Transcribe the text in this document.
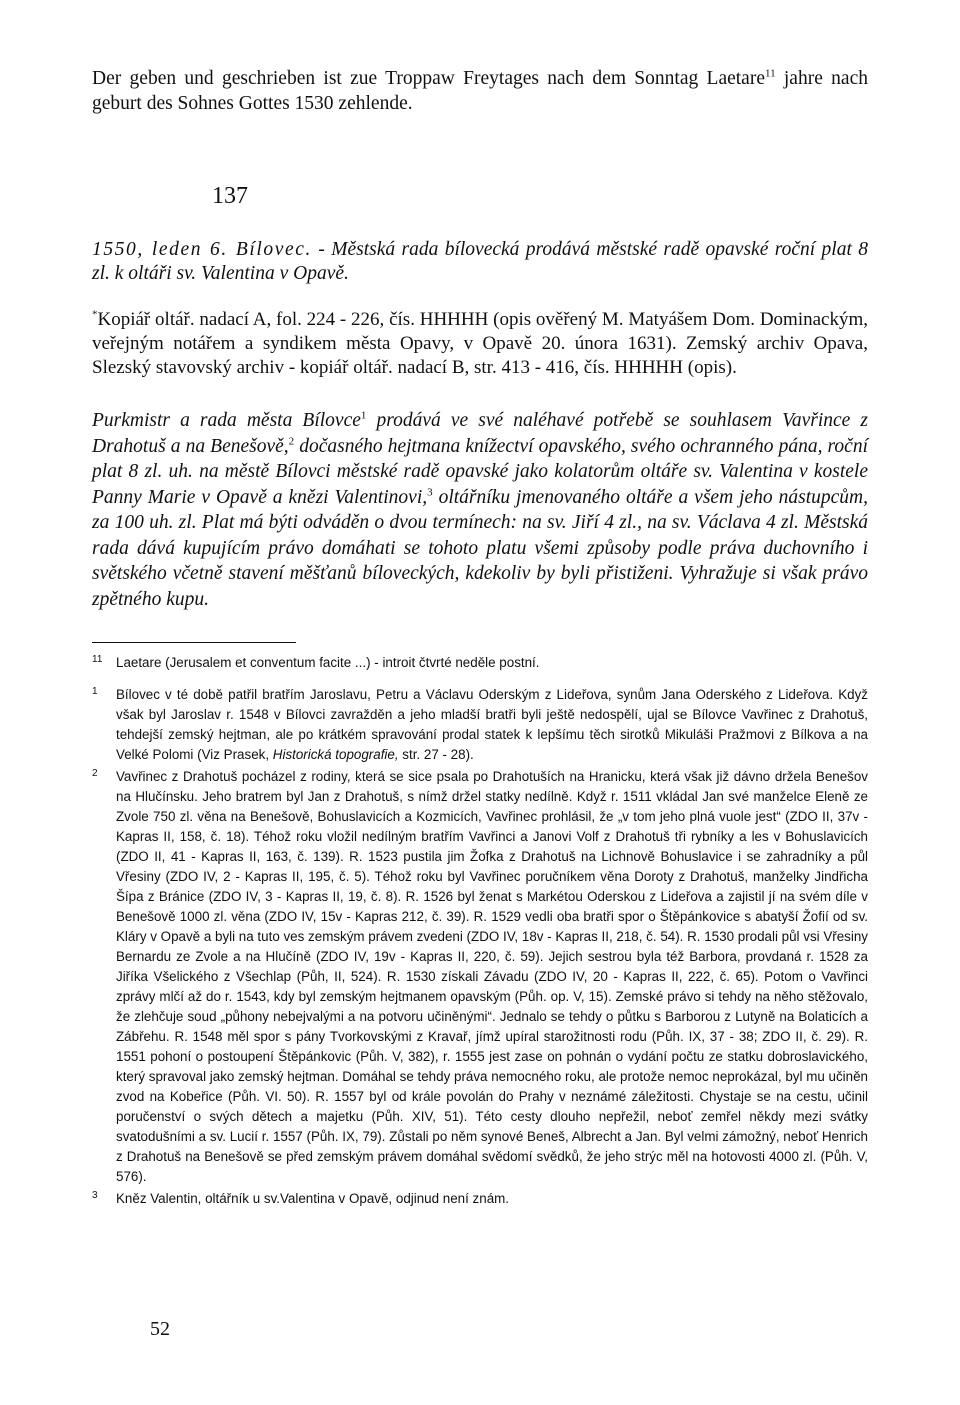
Der geben und geschrieben ist zue Troppaw Freytages nach dem Sonntag Laetare$^{11}$ jahre nach geburt des Sohnes Gottes 1530 zehlende.

137

1550, leden 6. Bílovec. - Městská rada bílovecká prodává městské radě opavské roční plat 8 zl. k oltáři sv. Valentina v Opavě.

*Kopiář oltář. nadací A, fol. 224 - 226, čís. HHHHH (opis ověřený M. Matyášem Dom. Dominackým, veřejným notářem a syndikem města Opavy, v Opavě 20. února 1631). Zemský archiv Opava, Slezský stavovský archiv - kopiář oltář. nadací B, str. 413 - 416, čís. HHHHH (opis).

Purkmistr a rada města Bílovce$^1$ prodává ve své naléhavé potřebě se souhlasem Vavřince z Drahotuš a na Benešově,$^2$ dočasného hejtmana knížectví opavského, svého ochranného pána, roční plat 8 zl. uh. na městě Bílovci městské radě opavské jako kolatorům oltáře sv. Valentina v kostele Panny Marie v Opavě a knězi Valentinovi,$^3$ oltářníku jmenovaného oltáře a všem jeho nástupcům, za 100 uh. zl. Plat má býti odváděn o dvou termínech: na sv. Jiří 4 zl., na sv. Václava 4 zl. Městská rada dává kupujícím právo domáhati se tohoto platu všemi způsoby podle práva duchovního i světského včetně stavení měšťanů bíloveckých, kdekoliv by byli přistiženi. Vyhražuje si však právo zpětného kupu.

11 Laetare (Jerusalem et conventum facite ...) - introit čtvrté neděle postní.
1 Bílovec v té době patřil bratřím Jaroslavu, Petru a Václavu Oderským z Lideřova, synům Jana Oderského z Lideřova. Když však byl Jaroslav r. 1548 v Bílovci zavražděn a jeho mladší bratři byli ještě nedospělí, ujal se Bílovce Vavřinec z Drahotuš, tehdejší zemský hejtman, ale po krátkém spravování prodal statek k lepšímu těch sirotků Mikuláši Pražmovi z Bílkova a na Velké Polomi (Viz Prasek, Historická topografie, str. 27 - 28).
2 Vavřinec z Drahotuš pocházel z rodiny, která se sice psala po Drahotuších na Hranicku, která však již dávno držela Benešov na Hlučínsku. Jeho bratrem byl Jan z Drahotuš, s nímž držel statky nedílně. Když r. 1511 vkládal Jan své manželce Eleně ze Zvole 750 zl. věna na Benešově, Bohuslavicích a Kozmicích, Vavřinec prohlásil, že „v tom jeho plná vuole jest“ (ZDO II, 37v - Kapras II, 158, č. 18). Téhož roku vložil nedílným bratřím Vavřinci a Janovi Volf z Drahotuš tři rybníky a les v Bohuslavicích (ZDO II, 41 - Kapras II, 163, č. 139). R. 1523 pustila jim Žofka z Drahotuš na Lichnově Bohuslavice i se zahradníky a půl Vřesiny (ZDO IV, 2 - Kapras II, 195, č. 5). Téhož roku byl Vavřinec poručníkem věna Doroty z Drahotuš, manželky Jindřicha Šípa z Bránice (ZDO IV, 3 - Kapras II, 19, č. 8). R. 1526 byl ženat s Markétou Oderskou z Lideřova a zajistil jí na svém díle v Benešově 1000 zl. věna (ZDO IV, 15v - Kapras 212, č. 39). R. 1529 vedli oba bratři spor o Štěpánkovice s abatyší Žofií od sv. Kláry v Opavě a byli na tuto ves zemským právem zvedeni (ZDO IV, 18v - Kapras II, 218, č. 54). R. 1530 prodali půl vsi Vřesiny Bernardu ze Zvole a na Hlučíně (ZDO IV, 19v - Kapras II, 220, č. 59). Jejich sestrou byla též Barbora, provdaná r. 1528 za Jiříka Všelického z Všechlap (Půh, II, 524). R. 1530 získali Závadu (ZDO IV, 20 - Kapras II, 222, č. 65). Potom o Vavřinci zprávy mlčí až do r. 1543, kdy byl zemským hejtmanem opavským (Půh. op. V, 15). Zemské právo si tehdy na něho stěžovalo, že zlehčuje soud „půhony nebejvalými a na potvoru učiněnými“. Jednalo se tehdy o půtku s Barborou z Lutyně na Bolaticích a Zábřehu. R. 1548 měl spor s pány Tvorkovskými z Kravař, jímž upíral starožitnosti rodu (Půh. IX, 37 - 38; ZDO II, č. 29). R. 1551 pohoní o postoupení Štěpánkovic (Půh. V, 382), r. 1555 jest zase on pohnán o vydání počtu ze statku dobroslavického, který spravoval jako zemský hejtman. Domáhal se tehdy práva nemocného roku, ale protože nemoc neprokázal, byl mu učiněn zvod na Kobeřice (Půh. VI. 50). R. 1557 byl od krále povolán do Prahy v neznámé záležitosti. Chystaje se na cestu, učinil poručenství o svých dětech a majetku (Půh. XIV, 51). Této cesty dlouho nepřežil, neboť zemřel někdy mezi svátky svatodušními a sv. Lucií r. 1557 (Půh. IX, 79). Zůstali po něm synové Beneš, Albrecht a Jan. Byl velmi zámožný, neboť Henrich z Drahotuš na Benešově se před zemským právem domáhal svědomí svědků, že jeho strýc měl na hotovosti 4000 zl. (Půh. V, 576).
3 Kněz Valentin, oltářník u sv.Valentina v Opavě, odjinud není znám.
52
